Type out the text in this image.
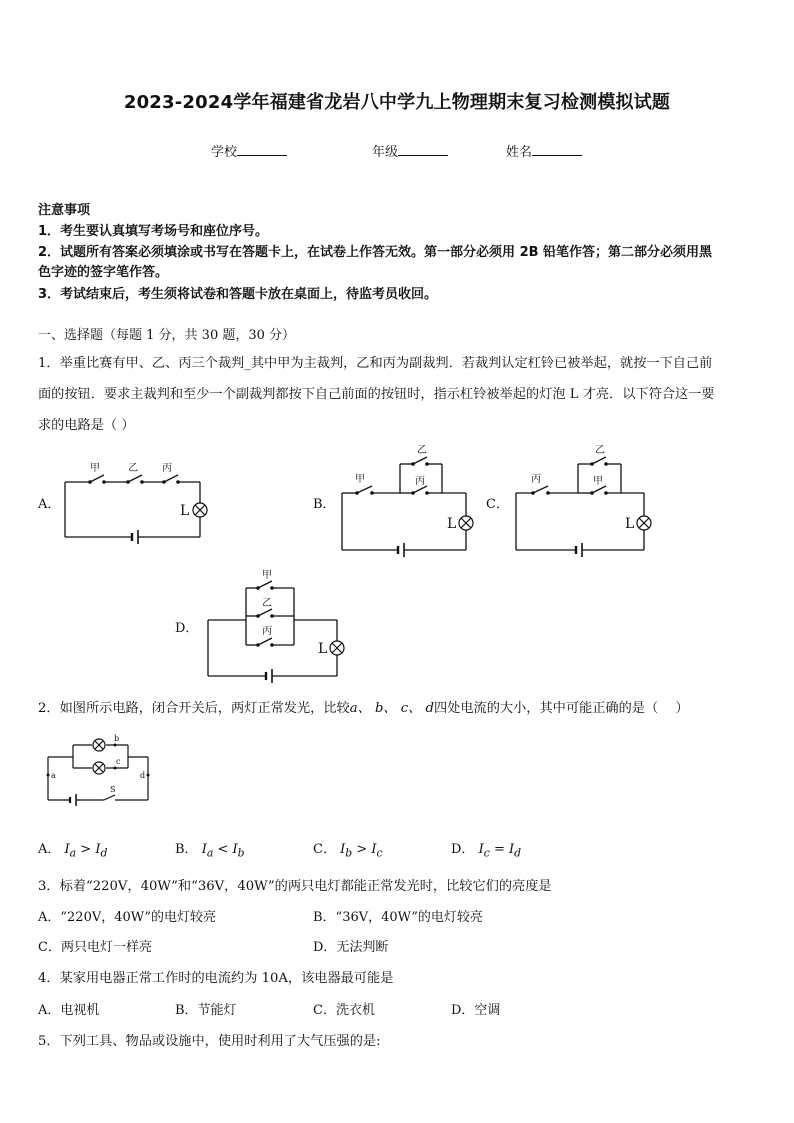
2023-2024学年福建省龙岩八中学九上物理期末复习检测模拟试题
学校	年级	姓名
注意事项
1．考生要认真填写考场号和座位序号。
2．试题所有答案必须填涂或书写在答题卡上，在试卷上作答无效。第一部分必须用 2B 铅笔作答；第二部分必须用黑
色字迹的签字笔作答。
3．考试结束后，考生须将试卷和答题卡放在桌面上，待监考员收回。
一、选择题（每题 1 分，共 30 题，30 分）
1．举重比赛有甲、乙、丙三个裁判_其中甲为主裁判，乙和丙为副裁判．若裁判认定杠铃已被举起，就按一下自己前
面的按钮．要求主裁判和至少一个副裁判都按下自己前面的按钮时，指示杠铃被举起的灯泡 L 才亮．以下符合这一要
求的电路是（ ）
甲	乙 丙
甲
乙
丙	丙
乙
甲
甲
乙
丙
L
L	L
L
A．	B．	C．
D．
2．如图所示电路，闭合开关后，两灯正常发光，比较a、 b、 c、 d四处电流的大小，其中可能正确的是（　 ）
a
b
c
d
S
A． $I_a > I_d$	B． $I_a < I_b$	C． $I_b > I_c$	D． $I_c = I_d$
3．标着“220V，40W”和“36V，40W”的两只电灯都能正常发光时，比较它们的亮度是
A．“220V，40W”的电灯较亮	B．“36V，40W”的电灯较亮
C．两只电灯一样亮	D．无法判断
4．某家用电器正常工作时的电流约为 10A，该电器最可能是
A．电视机	B．节能灯	C．洗衣机	D．空调
5．下列工具、物品或设施中，使用时利用了大气压强的是:
